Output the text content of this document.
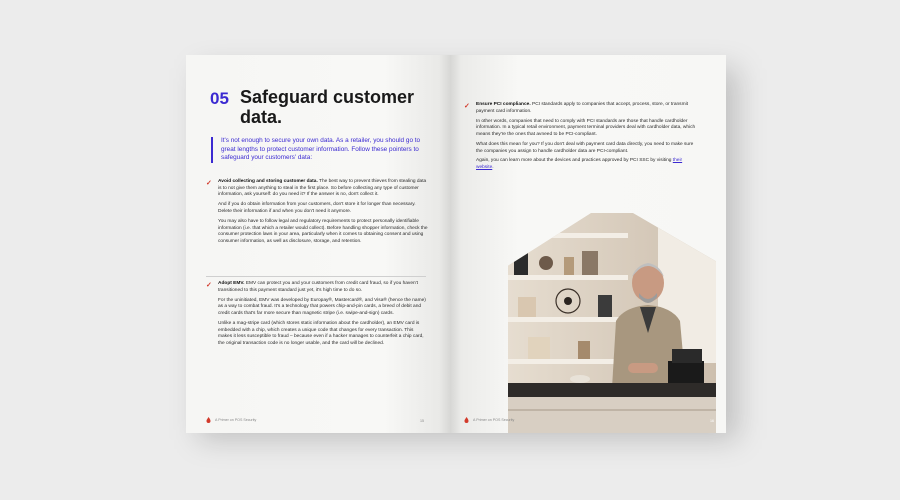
05 Safeguard customer data.
It's not enough to secure your own data. As a retailer, you should go to great lengths to protect customer information. Follow these pointers to safeguard your customers' data:
✓ Avoid collecting and storing customer data. The best way to prevent thieves from stealing data is to not give them anything to steal in the first place. So before collecting any type of customer information, ask yourself: do you need it? If the answer is no, don't collect it.

And if you do obtain information from your customers, don't store it for longer than necessary. Delete their information if and when you don't need it anymore.

You may also have to follow legal and regulatory requirements to protect personally identifiable information (i.e. that which a retailer would collect). Before handling shopper information, check the consumer protection laws in your area, particularly when it comes to obtaining consent and using consumer information, as well as disclosure, storage, and retention.

✓ Adopt EMV. EMV can protect you and your customers from credit card fraud, so if you haven't transitioned to this payment standard just yet, it's high time to do so.

For the uninitiated, EMV was developed by Europay®, Mastercard®, and Visa® (hence the name) as a way to combat fraud. It's a technology that powers chip-and-pin cards, a breed of debit and credit cards that's far more secure than magnetic stripe (i.e. swipe-and-sign) cards.

Unlike a mag-stripe card (which stores static information about the cardholder), an EMV card is embedded with a chip, which creates a unique code that changes for every transaction. This makes it less susceptible to fraud – because even if a hacker manages to counterfeit a chip card, the original transaction code is no longer usable, and the card will be declined.

A Primer on POS Security	15
✓ Ensure PCI compliance. PCI standards apply to companies that accept, process, store, or transmit payment card information.

In other words, companies that need to comply with PCI standards are those that handle cardholder information. In a typical retail environment, payment terminal providers deal with cardholder data, which means they're the ones that avneed to be PCI-compliant.

What does this mean for you? If you don't deal with payment card data directly, you need to make sure the companies you assign to handle cardholder data are PCI-compliant.

Again, you can learn more about the devices and practices approved by PCI SSC by visiting their website.

A Primer on POS Security	16
